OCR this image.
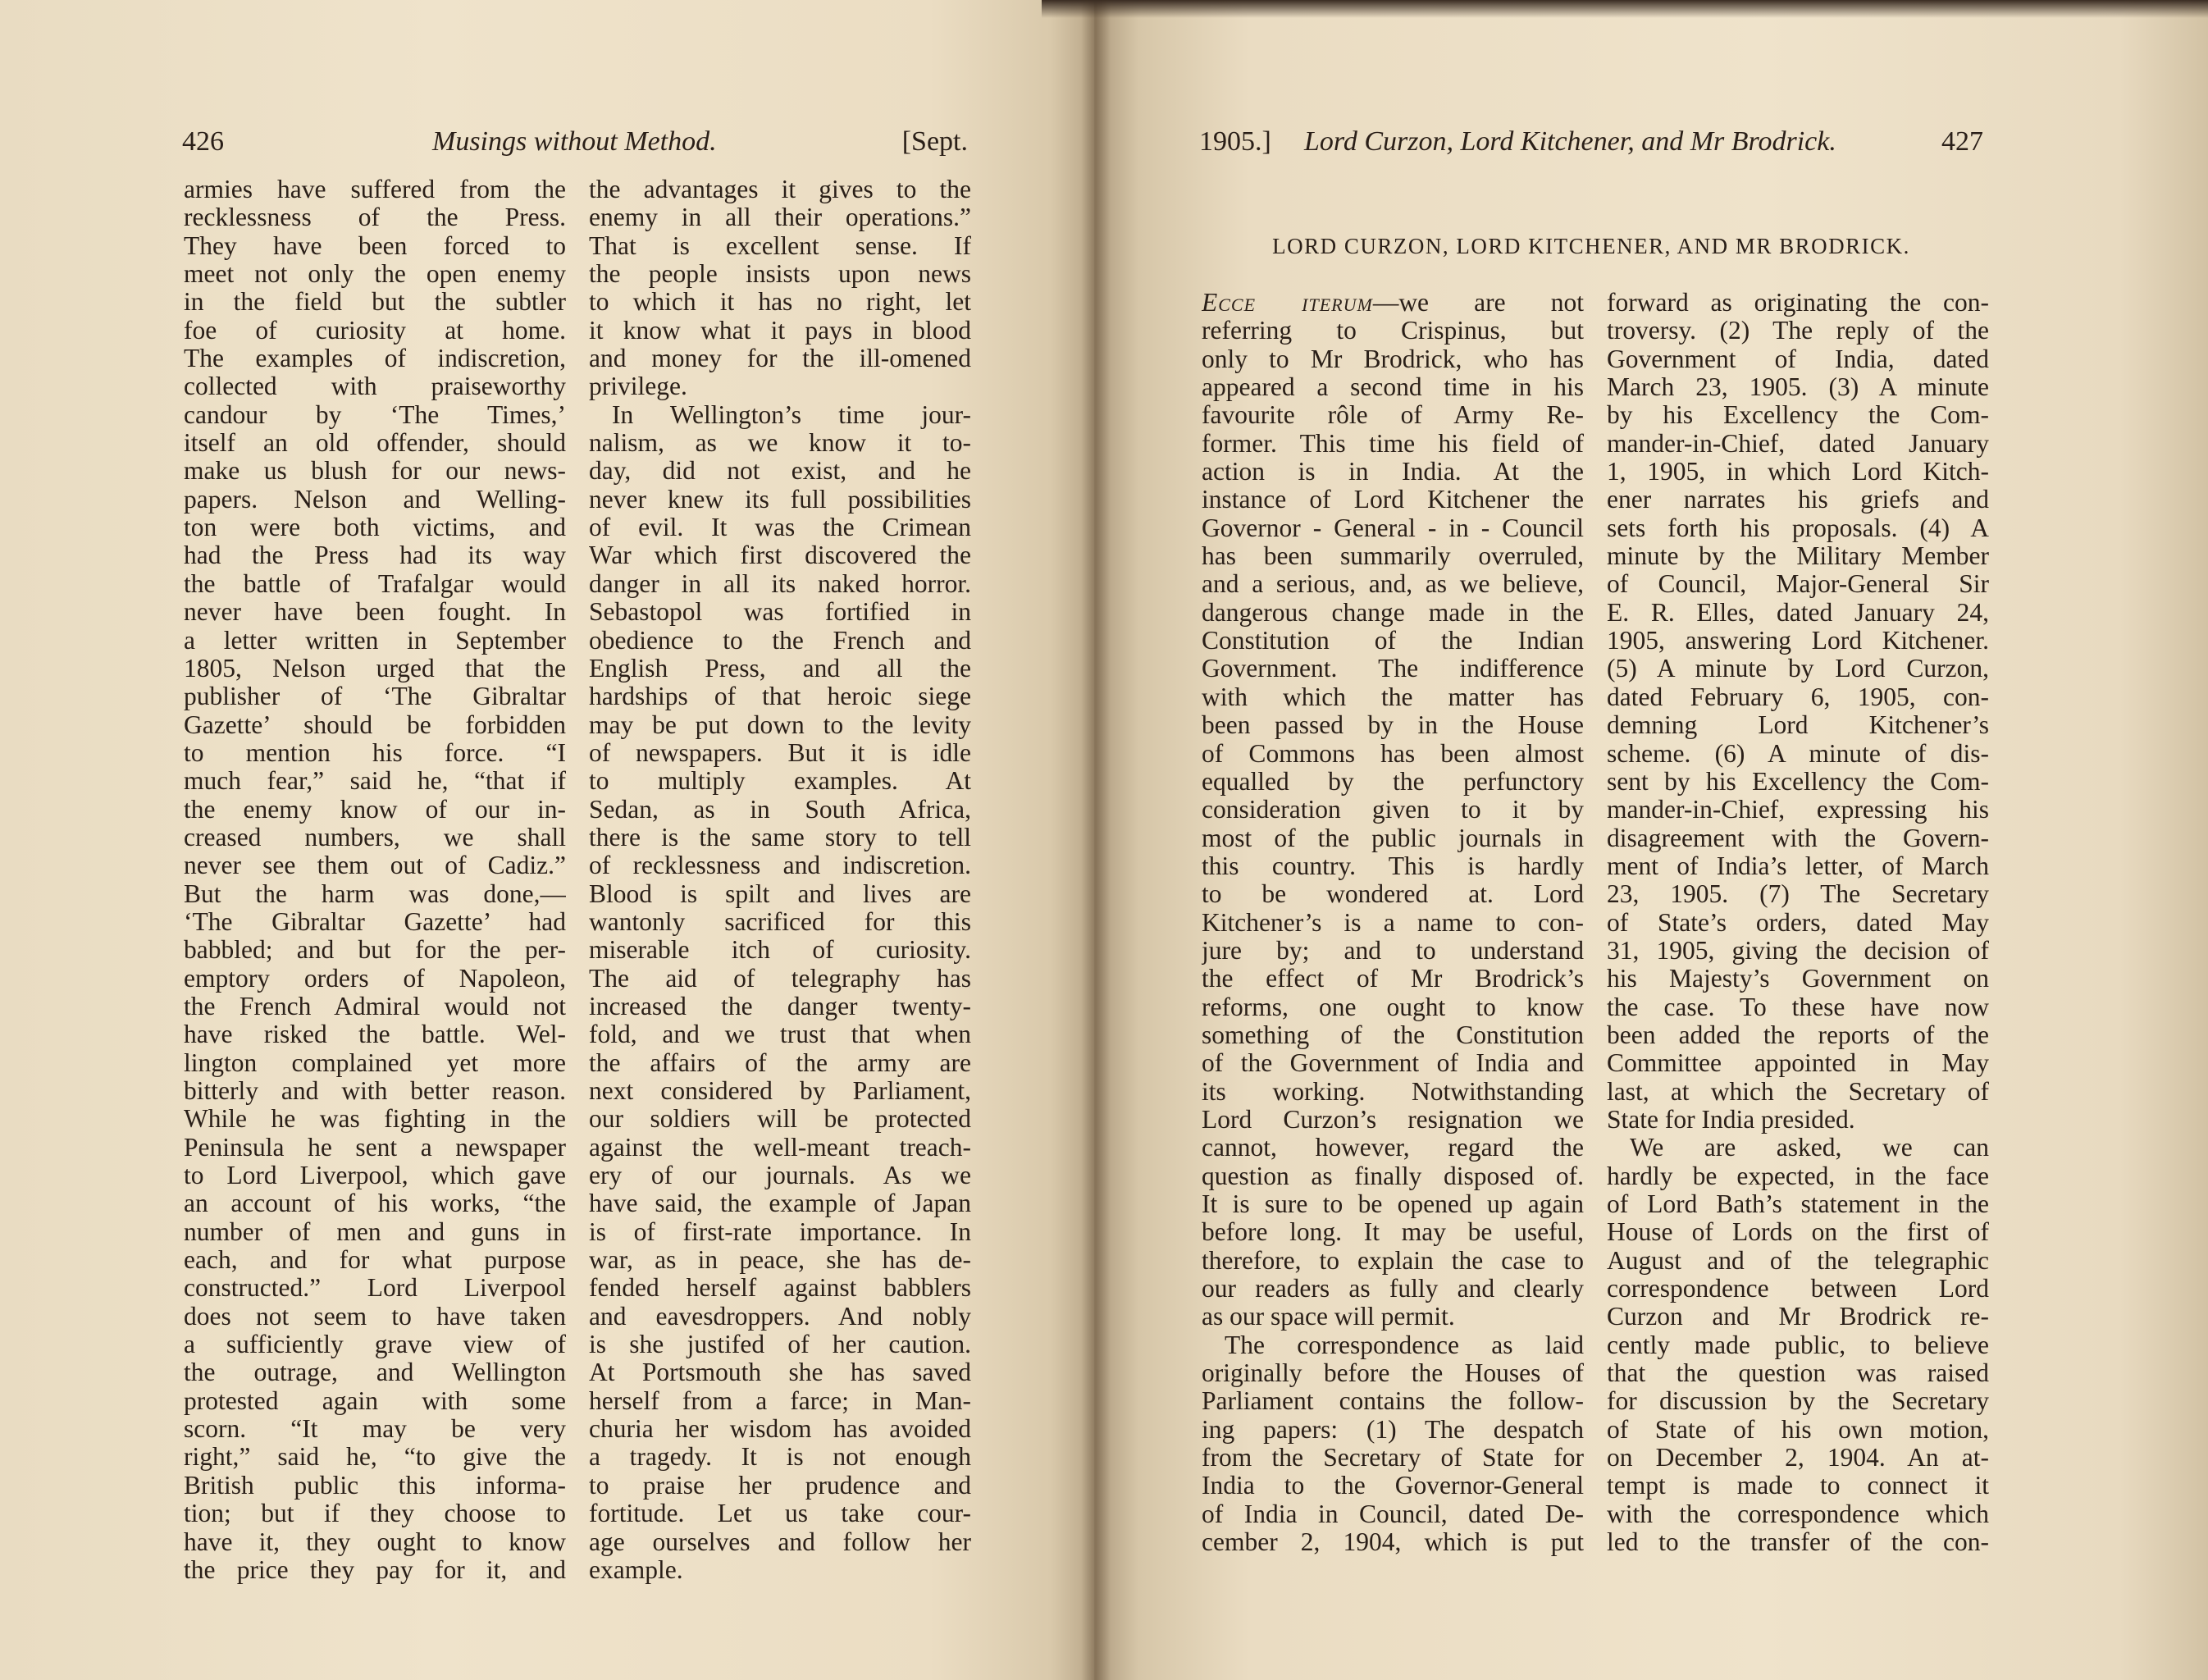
426	Musings without Method.	[Sept.
armies have suffered from the
recklessness of the Press.
They have been forced to
meet not only the open enemy
in the field but the subtler
foe of curiosity at home.
The examples of indiscretion,
collected with praiseworthy
candour by ‘The Times,’
itself an old offender, should
make us blush for our news-
papers. Nelson and Welling-
ton were both victims, and
had the Press had its way
the battle of Trafalgar would
never have been fought. In
a letter written in September
1805, Nelson urged that the
publisher of ‘The Gibraltar
Gazette’ should be forbidden
to mention his force. “I
much fear,” said he, “that if
the enemy know of our in-
creased numbers, we shall
never see them out of Cadiz.”
But the harm was done,—
‘The Gibraltar Gazette’ had
babbled; and but for the per-
emptory orders of Napoleon,
the French Admiral would not
have risked the battle. Wel-
lington complained yet more
bitterly and with better reason.
While he was fighting in the
Peninsula he sent a newspaper
to Lord Liverpool, which gave
an account of his works, “the
number of men and guns in
each, and for what purpose
constructed.” Lord Liverpool
does not seem to have taken
a sufficiently grave view of
the outrage, and Wellington
protested again with some
scorn. “It may be very
right,” said he, “to give the
British public this informa-
tion; but if they choose to
have it, they ought to know
the price they pay for it, and
the advantages it gives to the
enemy in all their operations.”
That is excellent sense. If
the people insists upon news
to which it has no right, let
it know what it pays in blood
and money for the ill-omened
privilege.
In Wellington’s time jour-
nalism, as we know it to-
day, did not exist, and he
never knew its full possibilities
of evil. It was the Crimean
War which first discovered the
danger in all its naked horror.
Sebastopol was fortified in
obedience to the French and
English Press, and all the
hardships of that heroic siege
may be put down to the levity
of newspapers. But it is idle
to multiply examples. At
Sedan, as in South Africa,
there is the same story to tell
of recklessness and indiscretion.
Blood is spilt and lives are
wantonly sacrificed for this
miserable itch of curiosity.
The aid of telegraphy has
increased the danger twenty-
fold, and we trust that when
the affairs of the army are
next considered by Parliament,
our soldiers will be protected
against the well-meant treach-
ery of our journals. As we
have said, the example of Japan
is of first-rate importance. In
war, as in peace, she has de-
fended herself against babblers
and eavesdroppers. And nobly
is she justifed of her caution.
At Portsmouth she has saved
herself from a farce; in Man-
churia her wisdom has avoided
a tragedy. It is not enough
to praise her prudence and
fortitude. Let us take cour-
age ourselves and follow her
example.
1905.] Lord Curzon, Lord Kitchener, and Mr Brodrick.	427
LORD CURZON, LORD KITCHENER, AND MR BRODRICK.
Ecce iterum—we are not
referring to Crispinus, but
only to Mr Brodrick, who has
appeared a second time in his
favourite rôle of Army Re-
former. This time his field of
action is in India. At the
instance of Lord Kitchener the
Governor - General - in - Council
has been summarily overruled,
and a serious, and, as we believe,
dangerous change made in the
Constitution of the Indian
Government. The indifference
with which the matter has
been passed by in the House
of Commons has been almost
equalled by the perfunctory
consideration given to it by
most of the public journals in
this country. This is hardly
to be wondered at. Lord
Kitchener’s is a name to con-
jure by; and to understand
the effect of Mr Brodrick’s
reforms, one ought to know
something of the Constitution
of the Government of India and
its working. Notwithstanding
Lord Curzon’s resignation we
cannot, however, regard the
question as finally disposed of.
It is sure to be opened up again
before long. It may be useful,
therefore, to explain the case to
our readers as fully and clearly
as our space will permit.
The correspondence as laid
originally before the Houses of
Parliament contains the follow-
ing papers: (1) The despatch
from the Secretary of State for
India to the Governor-General
of India in Council, dated De-
cember 2, 1904, which is put
forward as originating the con-
troversy. (2) The reply of the
Government of India, dated
March 23, 1905. (3) A minute
by his Excellency the Com-
mander-in-Chief, dated January
1, 1905, in which Lord Kitch-
ener narrates his griefs and
sets forth his proposals. (4) A
minute by the Military Member
of Council, Major-General Sir
E. R. Elles, dated January 24,
1905, answering Lord Kitchener.
(5) A minute by Lord Curzon,
dated February 6, 1905, con-
demning Lord Kitchener’s
scheme. (6) A minute of dis-
sent by his Excellency the Com-
mander-in-Chief, expressing his
disagreement with the Govern-
ment of India’s letter, of March
23, 1905. (7) The Secretary
of State’s orders, dated May
31, 1905, giving the decision of
his Majesty’s Government on
the case. To these have now
been added the reports of the
Committee appointed in May
last, at which the Secretary of
State for India presided.
We are asked, we can
hardly be expected, in the face
of Lord Bath’s statement in the
House of Lords on the first of
August and of the telegraphic
correspondence between Lord
Curzon and Mr Brodrick re-
cently made public, to believe
that the question was raised
for discussion by the Secretary
of State of his own motion,
on December 2, 1904. An at-
tempt is made to connect it
with the correspondence which
led to the transfer of the con-
